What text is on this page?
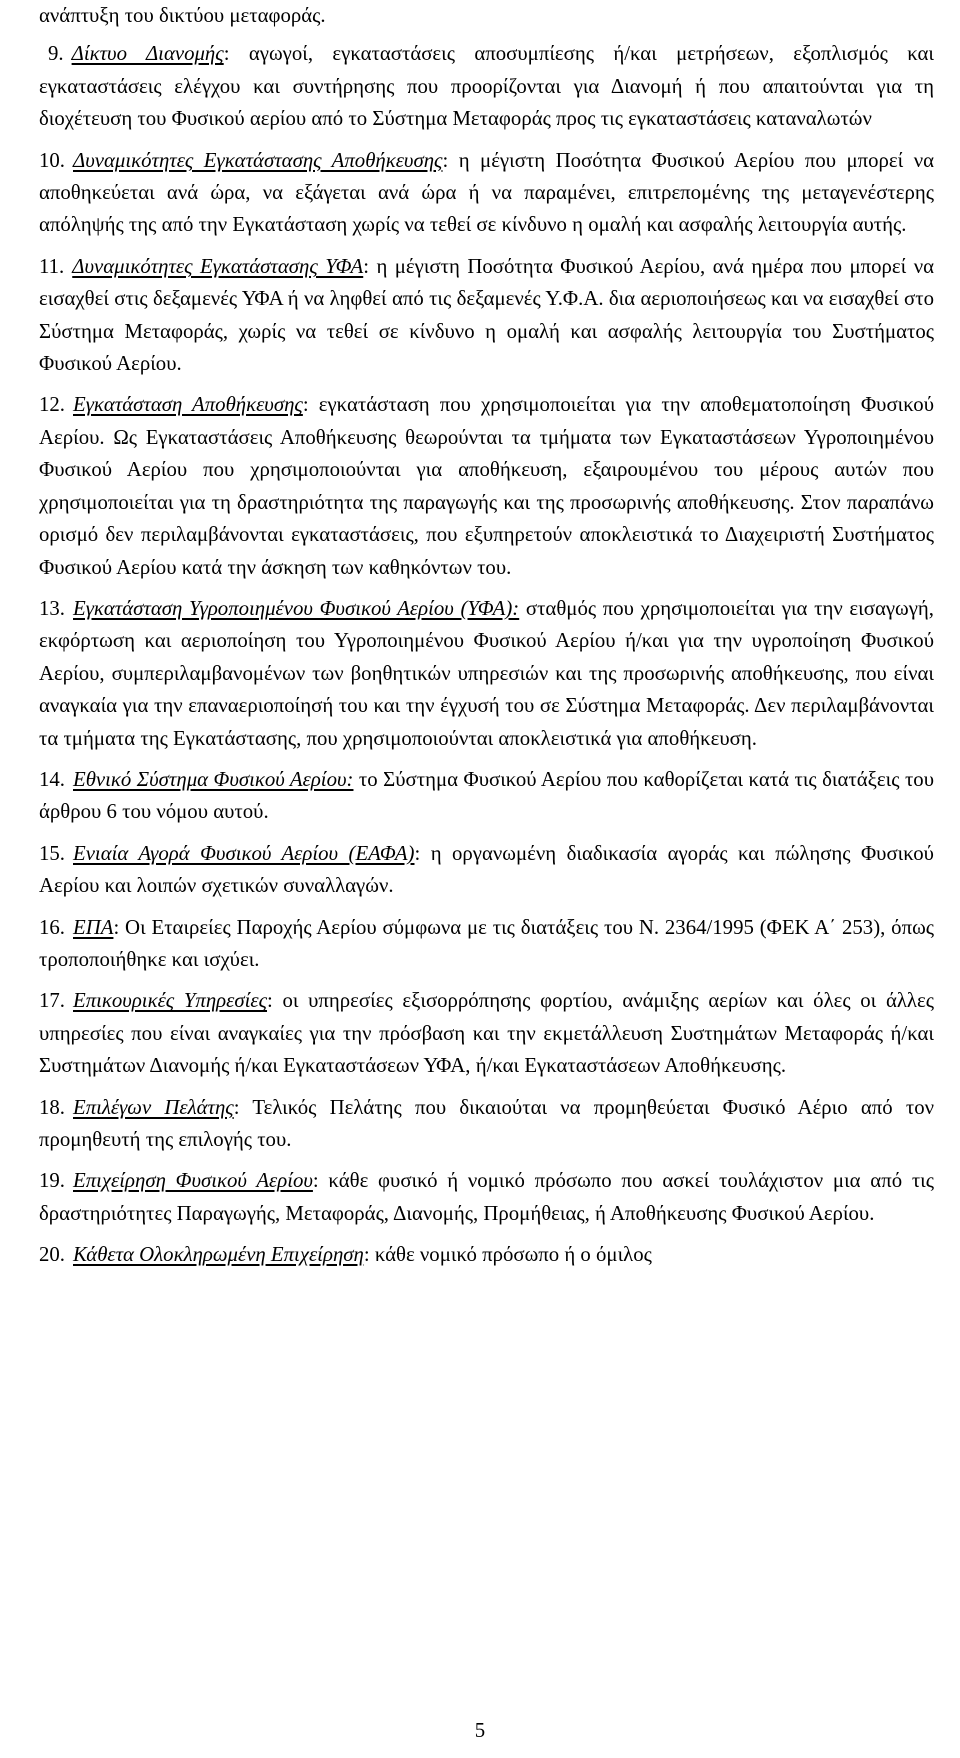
ανάπτυξη του δικτύου μεταφοράς.

9. Δίκτυο Διανομής: αγωγοί, εγκαταστάσεις αποσυμπίεσης ή/και μετρήσεων, εξοπλισμός και εγκαταστάσεις ελέγχου και συντήρησης που προορίζονται για Διανομή ή που απαιτούνται για τη διοχέτευση του Φυσικού αερίου από το Σύστημα Μεταφοράς προς τις εγκαταστάσεις καταναλωτών
10. Δυναμικότητες Εγκατάστασης Αποθήκευσης: η μέγιστη Ποσότητα Φυσικού Αερίου που μπορεί να αποθηκεύεται ανά ώρα, να εξάγεται ανά ώρα ή να παραμένει, επιτρεπομένης της μεταγενέστερης απόληψής της από την Εγκατάσταση χωρίς να τεθεί σε κίνδυνο η ομαλή και ασφαλής λειτουργία αυτής.
11. Δυναμικότητες Εγκατάστασης ΥΦΑ: η μέγιστη Ποσότητα Φυσικού Αερίου, ανά ημέρα που μπορεί να εισαχθεί στις δεξαμενές ΥΦΑ ή να ληφθεί από τις δεξαμενές Υ.Φ.Α. δια αεριοποιήσεως και να εισαχθεί στο Σύστημα Μεταφοράς, χωρίς να τεθεί σε κίνδυνο η ομαλή και ασφαλής λειτουργία του Συστήματος Φυσικού Αερίου.
12. Εγκατάσταση Αποθήκευσης: εγκατάσταση που χρησιμοποιείται για την αποθεματοποίηση Φυσικού Αερίου. Ως Εγκαταστάσεις Αποθήκευσης θεωρούνται τα τμήματα των Εγκαταστάσεων Υγροποιημένου Φυσικού Αερίου που χρησιμοποιούνται για αποθήκευση, εξαιρουμένου του μέρους αυτών που χρησιμοποιείται για τη δραστηριότητα της παραγωγής και της προσωρινής αποθήκευσης. Στον παραπάνω ορισμό δεν περιλαμβάνονται εγκαταστάσεις, που εξυπηρετούν αποκλειστικά το Διαχειριστή Συστήματος Φυσικού Αερίου κατά την άσκηση των καθηκόντων του.
13. Εγκατάσταση Υγροποιημένου Φυσικού Αερίου (ΥΦΑ): σταθμός που χρησιμοποιείται για την εισαγωγή, εκφόρτωση και αεριοποίηση του Υγροποιημένου Φυσικού Αερίου ή/και για την υγροποίηση Φυσικού Αερίου, συμπεριλαμβανομένων των βοηθητικών υπηρεσιών και της προσωρινής αποθήκευσης, που είναι αναγκαία για την επαναεριοποίησή του και την έγχυσή του σε Σύστημα Μεταφοράς. Δεν περιλαμβάνονται τα τμήματα της Εγκατάστασης, που χρησιμοποιούνται αποκλειστικά για αποθήκευση.
14. Εθνικό Σύστημα Φυσικού Αερίου: το Σύστημα Φυσικού Αερίου που καθορίζεται κατά τις διατάξεις του άρθρου 6 του νόμου αυτού.
15. Ενιαία Αγορά Φυσικού Αερίου (ΕΑΦΑ): η οργανωμένη διαδικασία αγοράς και πώλησης Φυσικού Αερίου και λοιπών σχετικών συναλλαγών.
16. ΕΠΑ: Οι Εταιρείες Παροχής Αερίου σύμφωνα με τις διατάξεις του Ν. 2364/1995 (ΦΕΚ Α΄ 253), όπως τροποποιήθηκε και ισχύει.
17. Επικουρικές Υπηρεσίες: οι υπηρεσίες εξισορρόπησης φορτίου, ανάμιξης αερίων και όλες οι άλλες υπηρεσίες που είναι αναγκαίες για την πρόσβαση και την εκμετάλλευση Συστημάτων Μεταφοράς ή/και Συστημάτων Διανομής ή/και Εγκαταστάσεων ΥΦΑ, ή/και Εγκαταστάσεων Αποθήκευσης.
18. Επιλέγων Πελάτης: Τελικός Πελάτης που δικαιούται να προμηθεύεται Φυσικό Αέριο από τον προμηθευτή της επιλογής του.
19. Επιχείρηση Φυσικού Αερίου: κάθε φυσικό ή νομικό πρόσωπο που ασκεί τουλάχιστον μια από τις δραστηριότητες Παραγωγής, Μεταφοράς, Διανομής, Προμήθειας, ή Αποθήκευσης Φυσικού Αερίου.
20. Κάθετα Ολοκληρωμένη Επιχείρηση: κάθε νομικό πρόσωπο ή ο όμιλος
5
